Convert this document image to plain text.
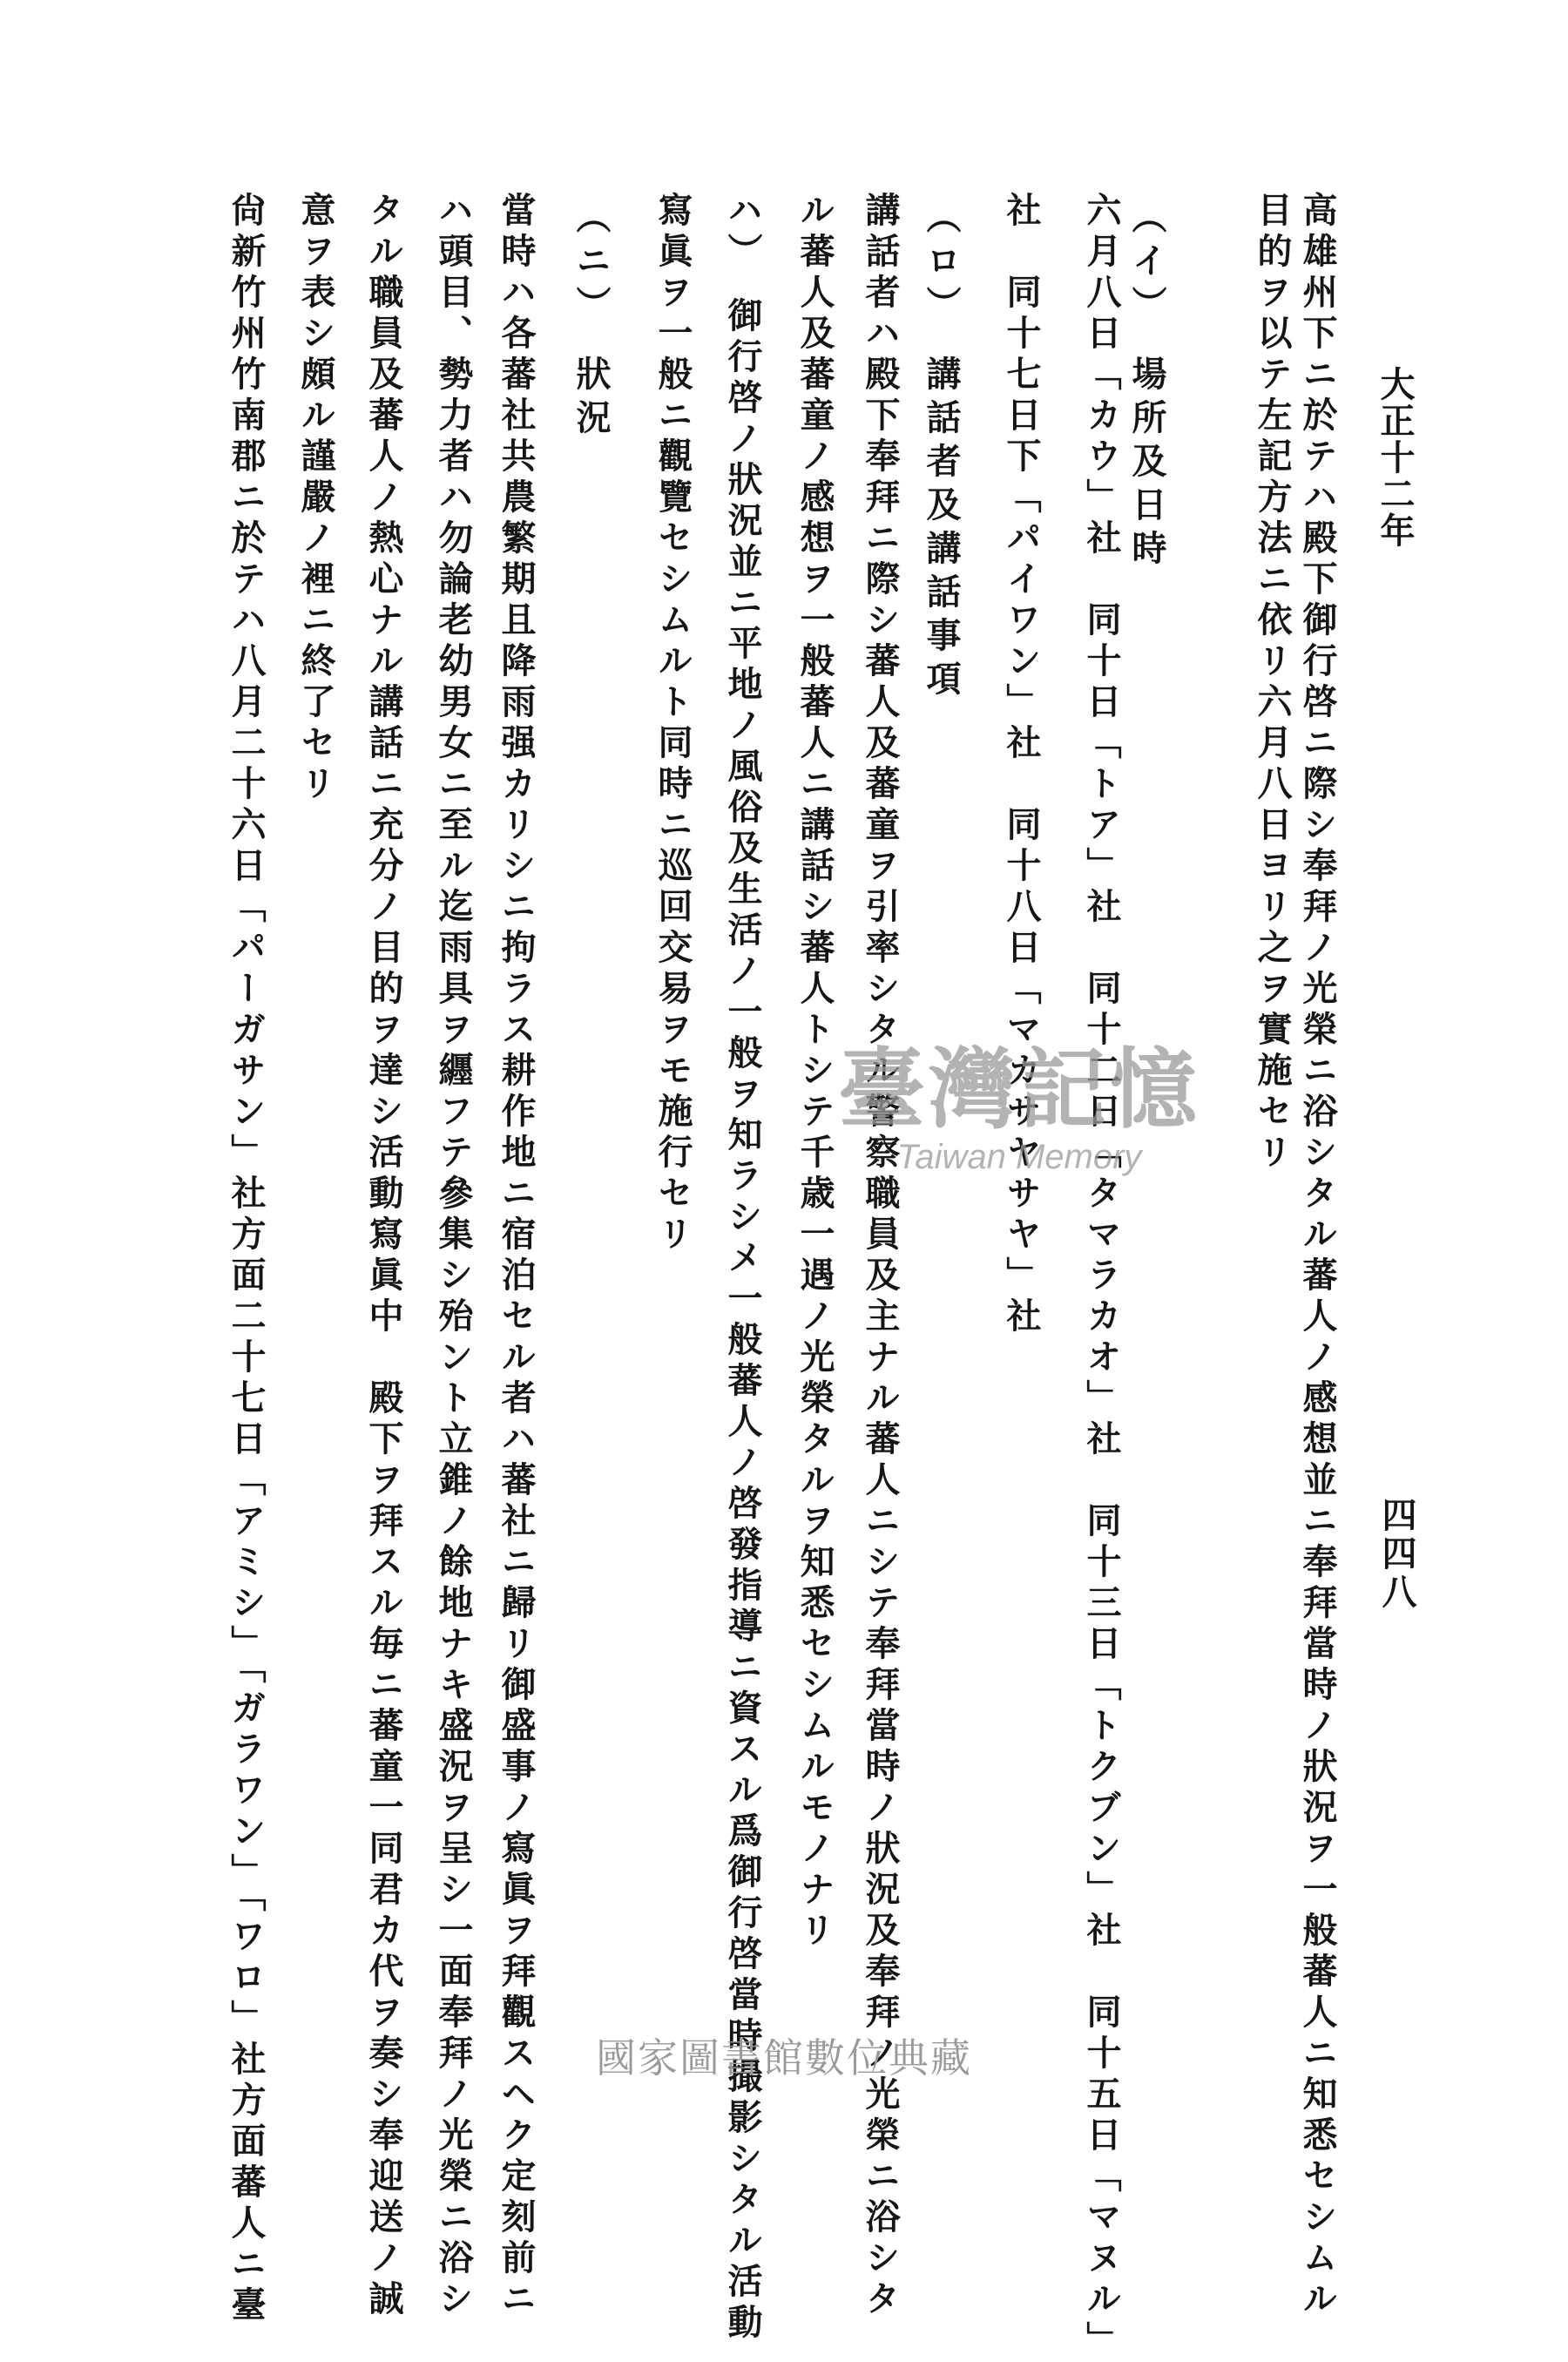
大正十二年
四四八
高雄州下ニ於テハ殿下御行啓ニ際シ奉拜ノ光榮ニ浴シタル蕃人ノ感想並ニ奉拜當時ノ狀況ヲ一般蕃人ニ知悉セシムル
目的ヲ以テ左記方法ニ依リ六月八日ヨリ之ヲ實施セリ
（イ）　場所及日時
六月八日「カウ」社　同十日「トア」社　同十二日「タマラカオ」社　同十三日「トクブン」社　同十五日「マヌル」
社　同十七日下「パイワン」社　同十八日「マカサヤサヤ」社
（ロ）　講話者及講話事項
講話者ハ殿下奉拜ニ際シ蕃人及蕃童ヲ引率シタル警察職員及主ナル蕃人ニシテ奉拜當時ノ狀況及奉拜ノ光榮ニ浴シタ
ル蕃人及蕃童ノ感想ヲ一般蕃人ニ講話シ蕃人トシテ千歳一遇ノ光榮タルヲ知悉セシムルモノナリ
ハ）　御行啓ノ狀況並ニ平地ノ風俗及生活ノ一般ヲ知ラシメ一般蕃人ノ啓發指導ニ資スル爲御行啓當時撮影シタル活動
寫眞ヲ一般ニ觀覽セシムルト同時ニ巡回交易ヲモ施行セリ
（ニ）　狀況
當時ハ各蕃社共農繁期且降雨强カリシニ拘ラス耕作地ニ宿泊セル者ハ蕃社ニ歸リ御盛事ノ寫眞ヲ拜觀スヘク定刻前ニ
ハ頭目、勢力者ハ勿論老幼男女ニ至ル迄雨具ヲ纒フテ參集シ殆ント立錐ノ餘地ナキ盛況ヲ呈シ一面奉拜ノ光榮ニ浴シ
タル職員及蕃人ノ熱心ナル講話ニ充分ノ目的ヲ達シ活動寫眞中　殿下ヲ拜スル毎ニ蕃童一同君カ代ヲ奏シ奉迎送ノ誠
意ヲ表シ頗ル謹嚴ノ裡ニ終了セリ
尙新竹州竹南郡ニ於テハ八月二十六日「パーガサン」社方面二十七日「アミシ」「ガラワン」「ワロ」社方面蕃人ニ臺	臺灣記憶
Taiwan Memory
國家圖書館數位典藏
